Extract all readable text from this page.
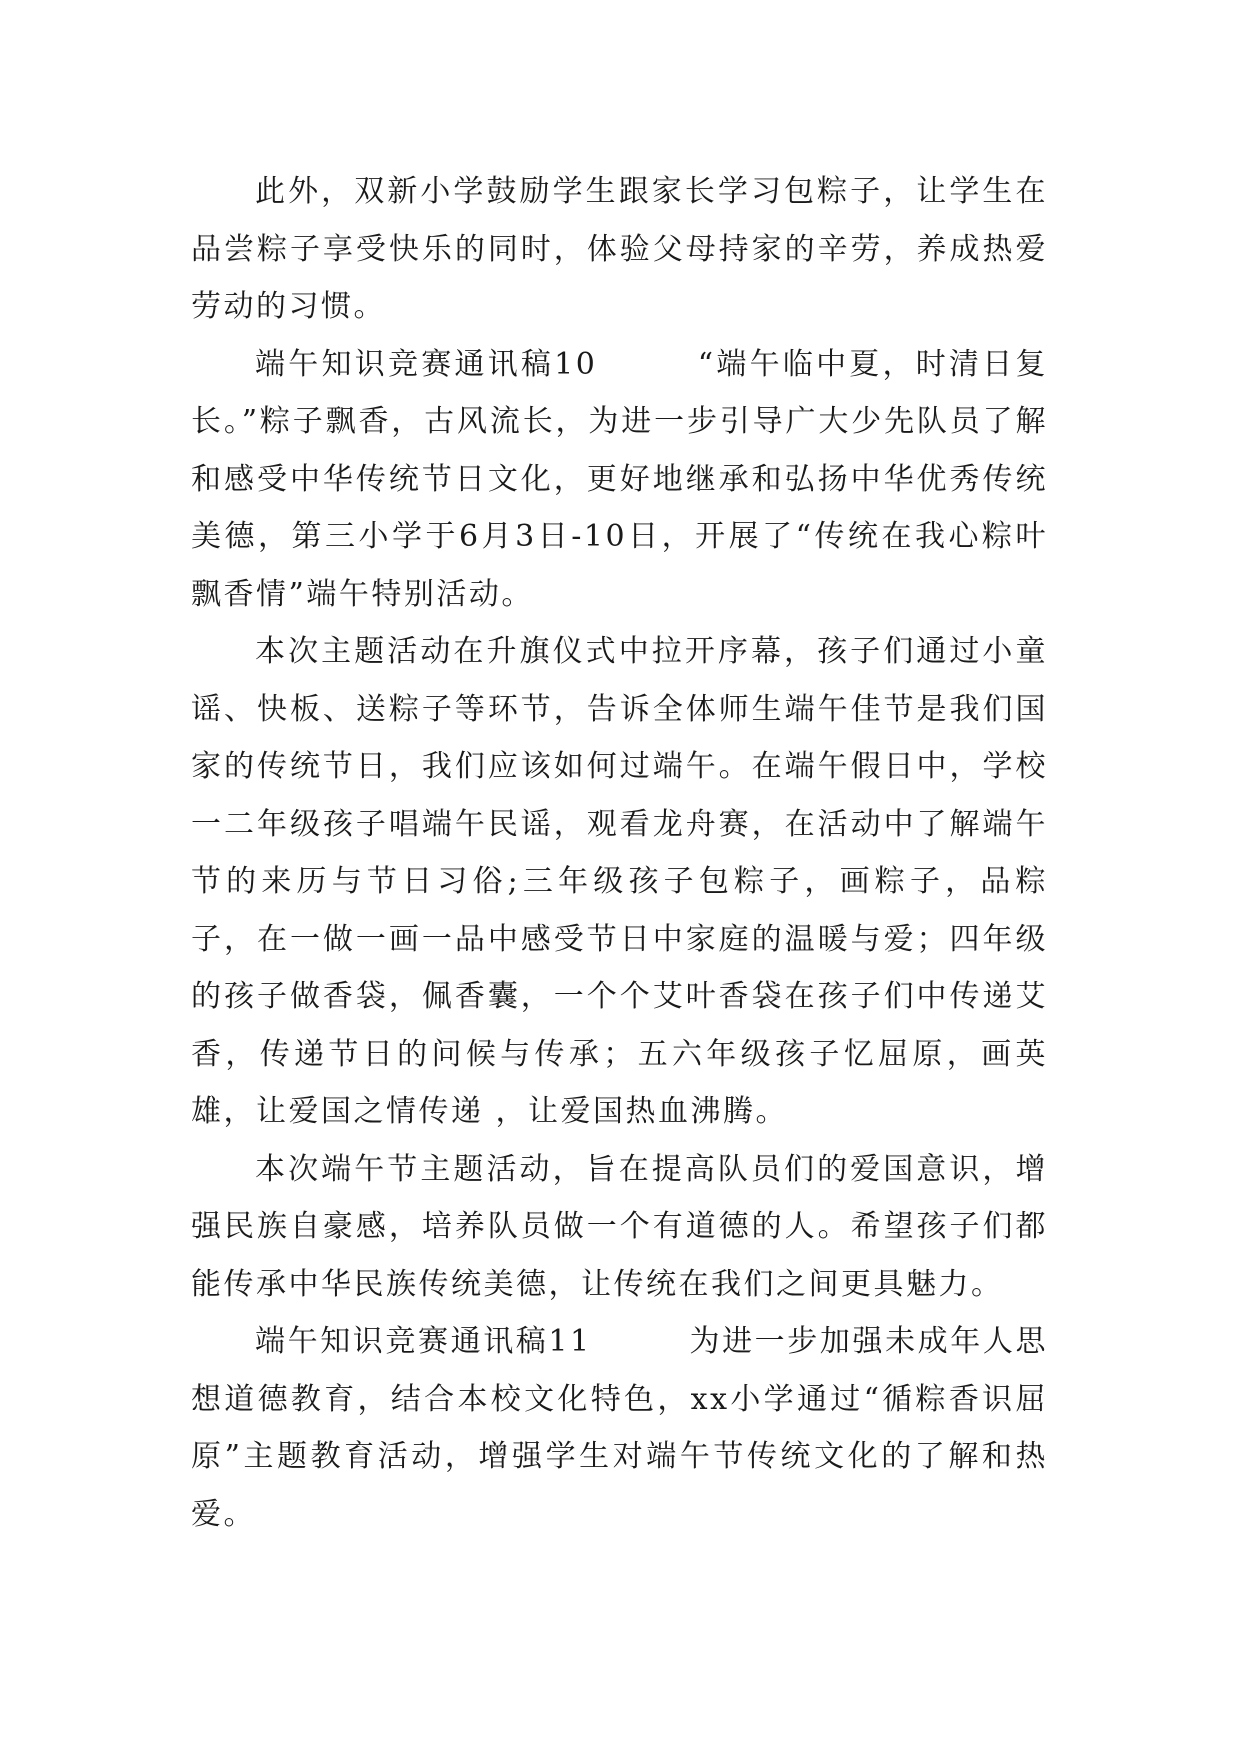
此外，双新小学鼓励学生跟家长学习包粽子，让学生在品尝粽子享受快乐的同时，体验父母持家的辛劳，养成热爱劳动的习惯。

端午知识竞赛通讯稿10　　　“端午临中夏，时清日复长。”粽子飘香，古风流长，为进一步引导广大少先队员了解和感受中华传统节日文化，更好地继承和弘扬中华优秀传统美德，第三小学于6月3日-10日，开展了“传统在我心粽叶飘香情”端午特别活动。

本次主题活动在升旗仪式中拉开序幕，孩子们通过小童谣、快板、送粽子等环节，告诉全体师生端午佳节是我们国家的传统节日，我们应该如何过端午。在端午假日中，学校一二年级孩子唱端午民谣，观看龙舟赛，在活动中了解端午节的来历与节日习俗;三年级孩子包粽子，画粽子，品粽子，在一做一画一品中感受节日中家庭的温暖与爱；四年级的孩子做香袋，佩香囊，一个个艾叶香袋在孩子们中传递艾香，传递节日的问候与传承；五六年级孩子忆屈原，画英雄，让爱国之情传递 ，让爱国热血沸腾。

本次端午节主题活动，旨在提高队员们的爱国意识，增强民族自豪感，培养队员做一个有道德的人。希望孩子们都能传承中华民族传统美德，让传统在我们之间更具魅力。

端午知识竞赛通讯稿11　　　为进一步加强未成年人思想道德教育，结合本校文化特色，xx小学通过“循粽香识屈原”主题教育活动，增强学生对端午节传统文化的了解和热爱。
